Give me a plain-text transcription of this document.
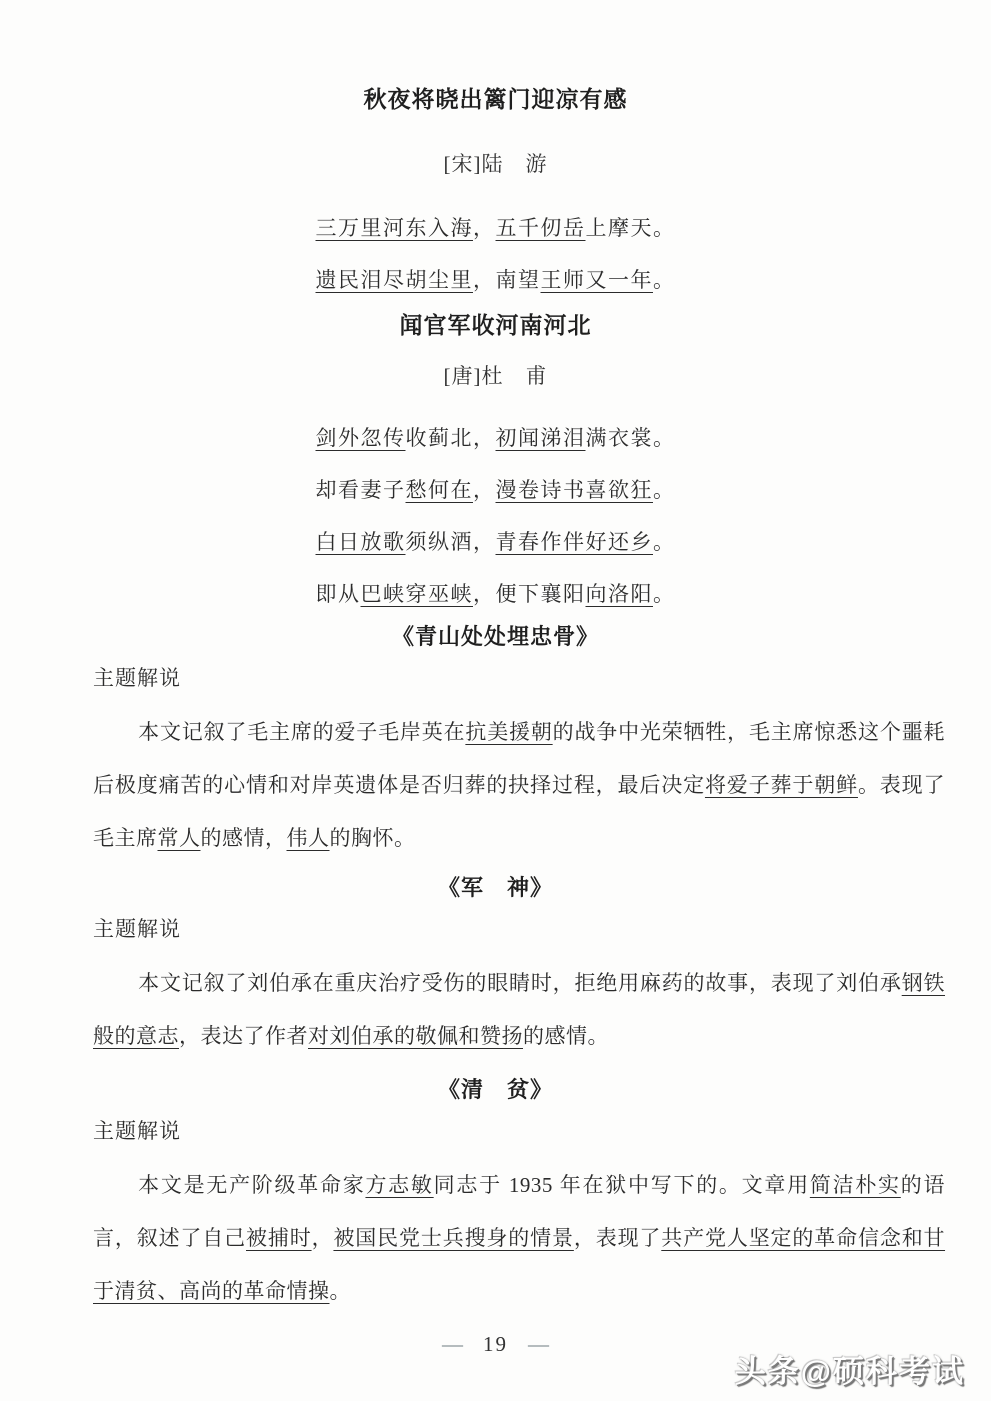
秋夜将晓出篱门迎凉有感
[宋]陆　游
三万里河东入海，五千仞岳上摩天。
遗民泪尽胡尘里，南望王师又一年。
闻官军收河南河北
[唐]杜　甫
剑外忽传收蓟北，初闻涕泪满衣裳。
却看妻子愁何在，漫卷诗书喜欲狂。
白日放歌须纵酒，青春作伴好还乡。
即从巴峡穿巫峡，便下襄阳向洛阳。
《青山处处埋忠骨》
主题解说

本文记叙了毛主席的爱子毛岸英在抗美援朝的战争中光荣牺牲，毛主席惊悉这个噩耗后极度痛苦的心情和对岸英遗体是否归葬的抉择过程，最后决定将爱子葬于朝鲜。表现了毛主席常人的感情，伟人的胸怀。

《军　神》
主题解说

本文记叙了刘伯承在重庆治疗受伤的眼睛时，拒绝用麻药的故事，表现了刘伯承钢铁般的意志，表达了作者对刘伯承的敬佩和赞扬的感情。

《清　贫》
主题解说

本文是无产阶级革命家方志敏同志于 1935 年在狱中写下的。文章用简洁朴实的语言，叙述了自己被捕时，被国民党士兵搜身的情景，表现了共产党人坚定的革命信念和甘于清贫、高尚的革命情操。

— 19 —
头条@硕科考试
